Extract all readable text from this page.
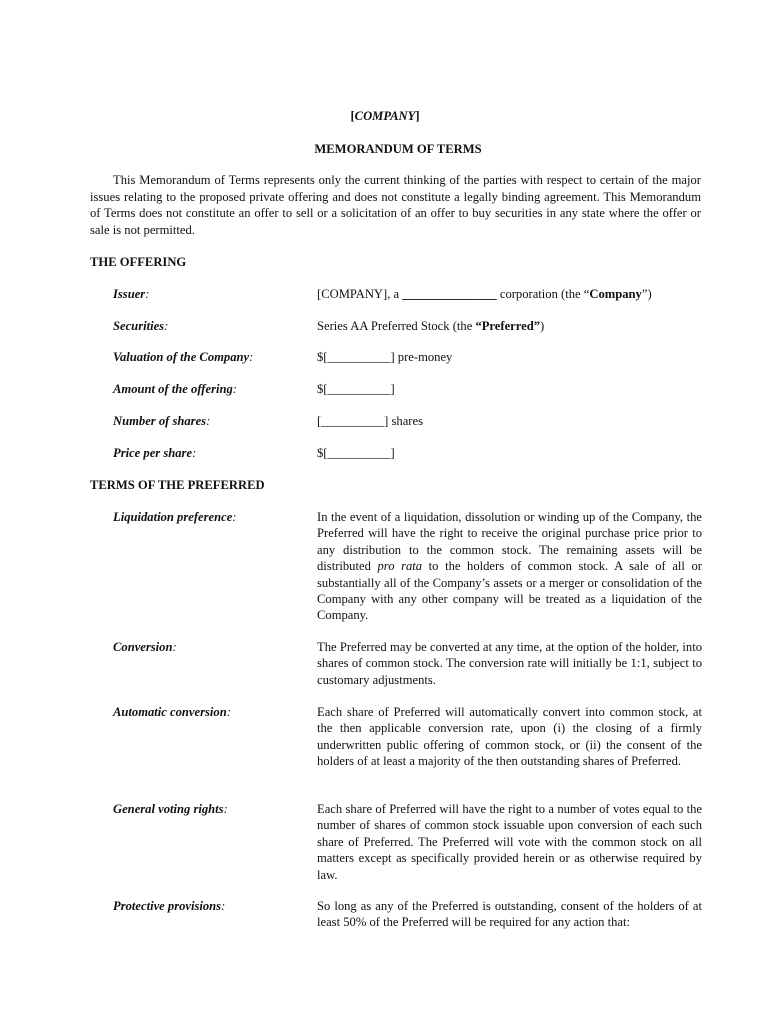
[COMPANY]
MEMORANDUM OF TERMS

This Memorandum of Terms represents only the current thinking of the parties with respect to certain of the major issues relating to the proposed private offering and does not constitute a legally binding agreement. This Memorandum of Terms does not constitute an offer to sell or a solicitation of an offer to buy securities in any state where the offer or sale is not permitted.

THE OFFERING
Issuer:	[COMPANY], a _______________ corporation (the “Company”)
Securities:	Series AA Preferred Stock (the “Preferred”)
Valuation of the Company:	$[__________] pre-money
Amount of the offering:	$[__________]
Number of shares:	[__________] shares
Price per share:	$[__________]
TERMS OF THE PREFERRED
Liquidation preference:	In the event of a liquidation, dissolution or winding up of the Company, the Preferred will have the right to receive the original purchase price prior to any distribution to the common stock. The remaining assets will be distributed pro rata to the holders of common stock. A sale of all or substantially all of the Company’s assets or a merger or consolidation of the Company with any other company will be treated as a liquidation of the Company.

Conversion:	The Preferred may be converted at any time, at the option of the holder, into shares of common stock. The conversion rate will initially be 1:1, subject to customary adjustments.

Automatic conversion:	Each share of Preferred will automatically convert into common stock, at the then applicable conversion rate, upon (i) the closing of a firmly underwritten public offering of common stock, or (ii) the consent of the holders of at least a majority of the then outstanding shares of Preferred.

General voting rights:	Each share of Preferred will have the right to a number of votes equal to the number of shares of common stock issuable upon conversion of each such share of Preferred. The Preferred will vote with the common stock on all matters except as specifically provided herein or as otherwise required by law.

Protective provisions:	So long as any of the Preferred is outstanding, consent of the holders of at least 50% of the Preferred will be required for any action that:
